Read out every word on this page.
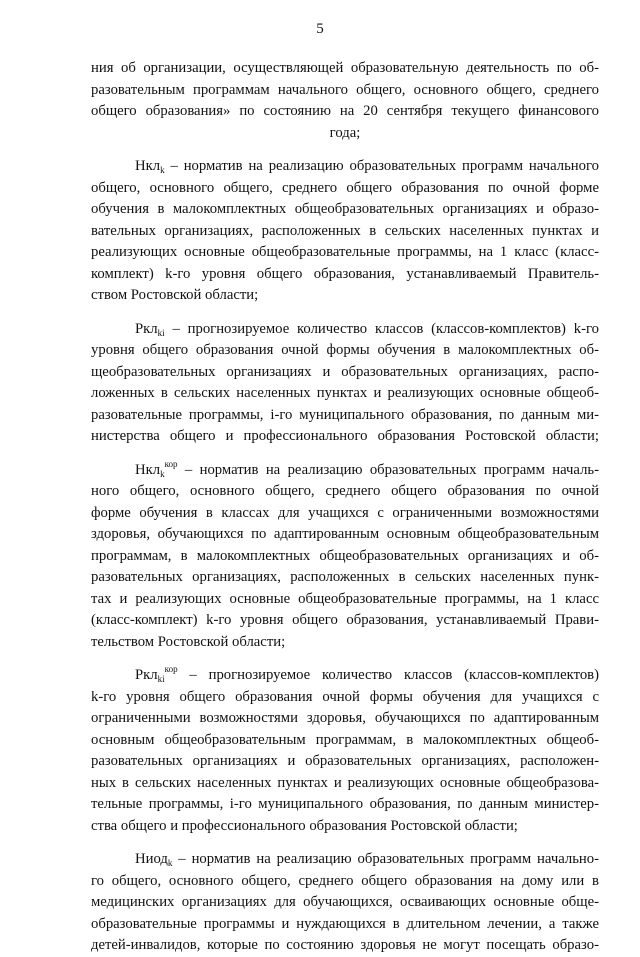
5
ния об организации, осуществляющей образовательную деятельность по об-
разовательным программам начального общего, основного общего, среднего
общего образования» по состоянию на 20 сентября текущего финансового
года;
Нкл$_k$ – норматив на реализацию образовательных программ начального
общего, основного общего, среднего общего образования по очной форме
обучения в малокомплектных общеобразовательных организациях и образо-
вательных организациях, расположенных в сельских населенных пунктах и
реализующих основные общеобразовательные программы, на 1 класс (класс-
комплект) k-го уровня общего образования, устанавливаемый Правитель-
ством Ростовской области;
Ркл$_{ki}$ – прогнозируемое количество классов (классов-комплектов) k-го
уровня общего образования очной формы обучения в малокомплектных об-
щеобразовательных организациях и образовательных организациях, распо-
ложенных в сельских населенных пунктах и реализующих основные общеоб-
разовательные программы, i-го муниципального образования, по данным ми-
нистерства общего и профессионального образования Ростовской области;
Нкл$_k^{кор}$ – норматив на реализацию образовательных программ началь-
ного общего, основного общего, среднего общего образования по очной
форме обучения в классах для учащихся с ограниченными возможностями
здоровья, обучающихся по адаптированным основным общеобразовательным
программам, в малокомплектных общеобразовательных организациях и об-
разовательных организациях, расположенных в сельских населенных пунк-
тах и реализующих основные общеобразовательные программы, на 1 класс
(класс-комплект) k-го уровня общего образования, устанавливаемый Прави-
тельством Ростовской области;
Ркл$_{ki}^{кор}$ – прогнозируемое количество классов (классов-комплектов)
k-го уровня общего образования очной формы обучения для учащихся с
ограниченными возможностями здоровья, обучающихся по адаптированным
основным общеобразовательным программам, в малокомплектных общеоб-
разовательных организациях и образовательных организациях, расположен-
ных в сельских населенных пунктах и реализующих основные общеобразова-
тельные программы, i-го муниципального образования, по данным министер-
ства общего и профессионального образования Ростовской области;
Ниод$_k$ – норматив на реализацию образовательных программ начально-
го общего, основного общего, среднего общего образования на дому или в
медицинских организациях для обучающихся, осваивающих основные обще-
образовательные программы и нуждающихся в длительном лечении, а также
детей-инвалидов, которые по состоянию здоровья не могут посещать образо-
